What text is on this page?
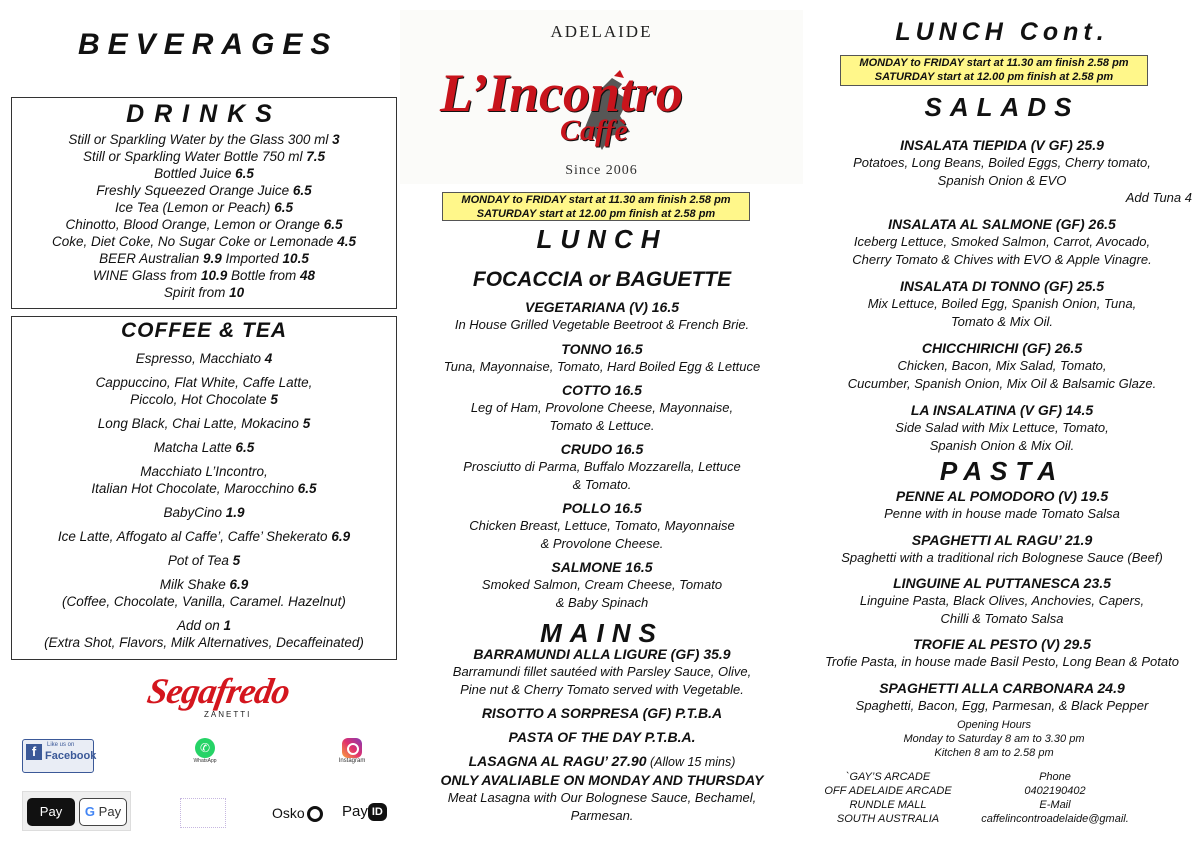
BEVERAGES
DRINKS
Still or Sparkling Water by the Glass 300 ml 3
Still or Sparkling Water Bottle 750 ml 7.5
Bottled Juice 6.5
Freshly Squeezed Orange Juice 6.5
Ice Tea (Lemon or Peach) 6.5
Chinotto, Blood Orange, Lemon or Orange 6.5
Coke, Diet Coke, No Sugar Coke or Lemonade 4.5
BEER Australian 9.9 Imported 10.5
WINE Glass from 10.9 Bottle from 48
Spirit from 10
COFFEE & TEA
Espresso, Macchiato 4
Cappuccino, Flat White, Caffe Latte,
Piccolo, Hot Chocolate 5
Long Black, Chai Latte, Mokacino 5
Matcha Latte 6.5
Macchiato L’Incontro,
Italian Hot Chocolate, Marocchino 6.5
BabyCino 1.9
Ice Latte, Affogato al Caffe’, Caffe’ Shekerato 6.9
Pot of Tea 5
Milk Shake 6.9
(Coffee, Chocolate, Vanilla, Caramel. Hazelnut)
Add on 1
(Extra Shot, Flavors, Milk Alternatives, Decaffeinated)
Segafredo
ZANETTI
f	Like us on
Facebook
✆
WhatsApp	Instagram
Pay	G Pay	Osko	Pay ID
ADELAIDE
L’Incontro
Caffè
Since 2006
MONDAY to FRIDAY start at 11.30 am finish 2.58 pm
SATURDAY start at 12.00 pm finish at 2.58 pm
LUNCH
FOCACCIA or BAGUETTE
VEGETARIANA (V) 16.5
In House Grilled Vegetable Beetroot & French Brie.
TONNO 16.5
Tuna, Mayonnaise, Tomato, Hard Boiled Egg & Lettuce
COTTO 16.5
Leg of Ham, Provolone Cheese, Mayonnaise,
Tomato & Lettuce.
CRUDO 16.5
Prosciutto di Parma, Buffalo Mozzarella, Lettuce
& Tomato.
POLLO 16.5
Chicken Breast, Lettuce, Tomato, Mayonnaise
& Provolone Cheese.
SALMONE 16.5
Smoked Salmon, Cream Cheese, Tomato
& Baby Spinach
MAINS
BARRAMUNDI ALLA LIGURE (GF) 35.9
Barramundi fillet sautéed with Parsley Sauce, Olive,
Pine nut & Cherry Tomato served with Vegetable.
RISOTTO A SORPRESA (GF) P.T.B.A
PASTA OF THE DAY P.T.B.A.
LASAGNA AL RAGU’ 27.90 (Allow 15 mins)
ONLY AVALIABLE ON MONDAY AND THURSDAY
Meat Lasagna with Our Bolognese Sauce, Bechamel,
Parmesan.
LUNCH Cont.
MONDAY to FRIDAY start at 11.30 am finish 2.58 pm
SATURDAY start at 12.00 pm finish at 2.58 pm
SALADS
INSALATA TIEPIDA (V GF) 25.9
Potatoes, Long Beans, Boiled Eggs, Cherry tomato,
Spanish Onion & EVO
Add Tuna 4
INSALATA AL SALMONE (GF) 26.5
Iceberg Lettuce, Smoked Salmon, Carrot, Avocado,
Cherry Tomato & Chives with EVO & Apple Vinagre.
INSALATA DI TONNO (GF) 25.5
Mix Lettuce, Boiled Egg, Spanish Onion, Tuna,
Tomato & Mix Oil.
CHICCHIRICHI (GF) 26.5
Chicken, Bacon, Mix Salad, Tomato,
Cucumber, Spanish Onion, Mix Oil & Balsamic Glaze.
LA INSALATINA (V GF) 14.5
Side Salad with Mix Lettuce, Tomato,
Spanish Onion & Mix Oil.
PASTA
PENNE AL POMODORO (V) 19.5
Penne with in house made Tomato Salsa
SPAGHETTI AL RAGU’ 21.9
Spaghetti with a traditional rich Bolognese Sauce (Beef)
LINGUINE AL PUTTANESCA 23.5
Linguine Pasta, Black Olives, Anchovies, Capers,
Chilli & Tomato Salsa
TROFIE AL PESTO (V) 29.5
Trofie Pasta, in house made Basil Pesto, Long Bean & Potato
SPAGHETTI ALLA CARBONARA 24.9
Spaghetti, Bacon, Egg, Parmesan, & Black Pepper
Opening Hours
Monday to Saturday 8 am to 3.30 pm
Kitchen 8 am to 2.58 pm
`GAY’S ARCADE
OFF ADELAIDE ARCADE
RUNDLE MALL
SOUTH AUSTRALIA
Phone
0402190402
E-Mail
caffelincontroadelaide@gmail.
